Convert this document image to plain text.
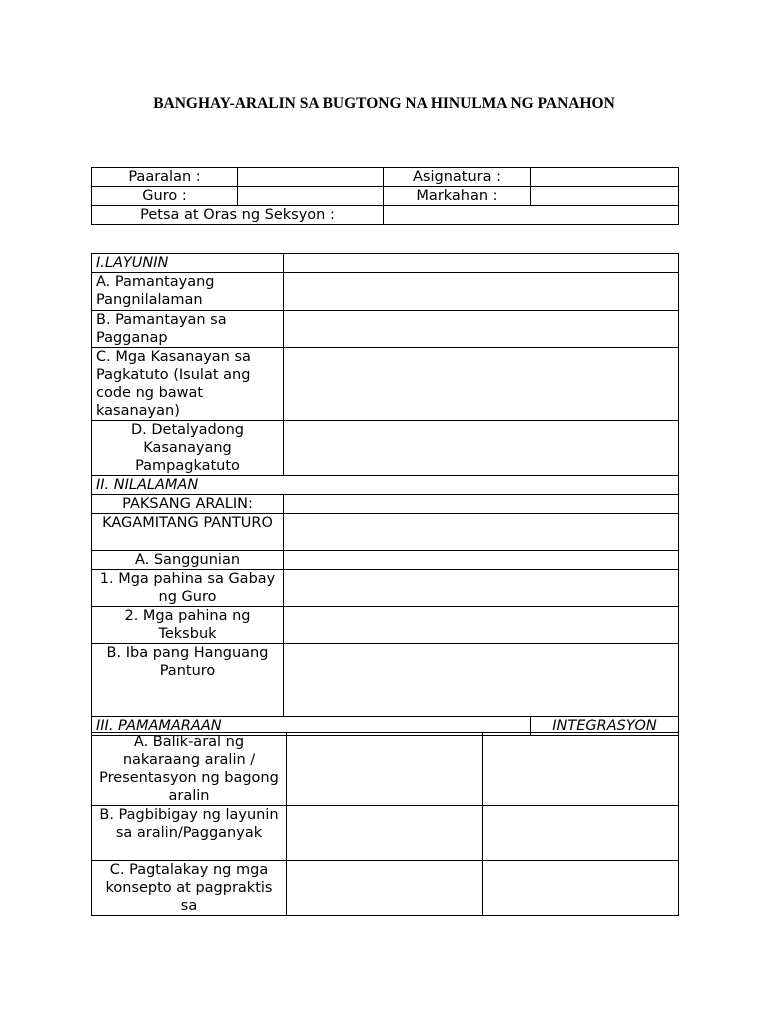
BANGHAY-ARALIN SA BUGTONG NA HINULMA NG PANAHON
Paaralan :		Asignatura :	
Guro :		Markahan :	
Petsa at Oras ng Seksyon :			
I.LAYUNIN		
A. Pamantayang Pangnilalaman		
B. Pamantayan sa Pagganap		
C. Mga Kasanayan sa Pagkatuto (Isulat ang code ng bawat kasanayan)		
D. Detalyadong Kasanayang Pampagkatuto		
II. NILALAMAN		
PAKSANG ARALIN:		
KAGAMITANG PANTURO		
A. Sanggunian		
1. Mga pahina sa Gabay ng Guro		
2. Mga pahina ng Teksbuk		
B. Iba pang Hanguang Panturo		
III. PAMAMARAAN		INTEGRASYON
A. Balik-aral ng nakaraang aralin / Presentasyon ng bagong aralin		
B. Pagbibigay ng layunin sa aralin/Pagganyak		
C. Pagtalakay ng mga konsepto at pagpraktis sa		
